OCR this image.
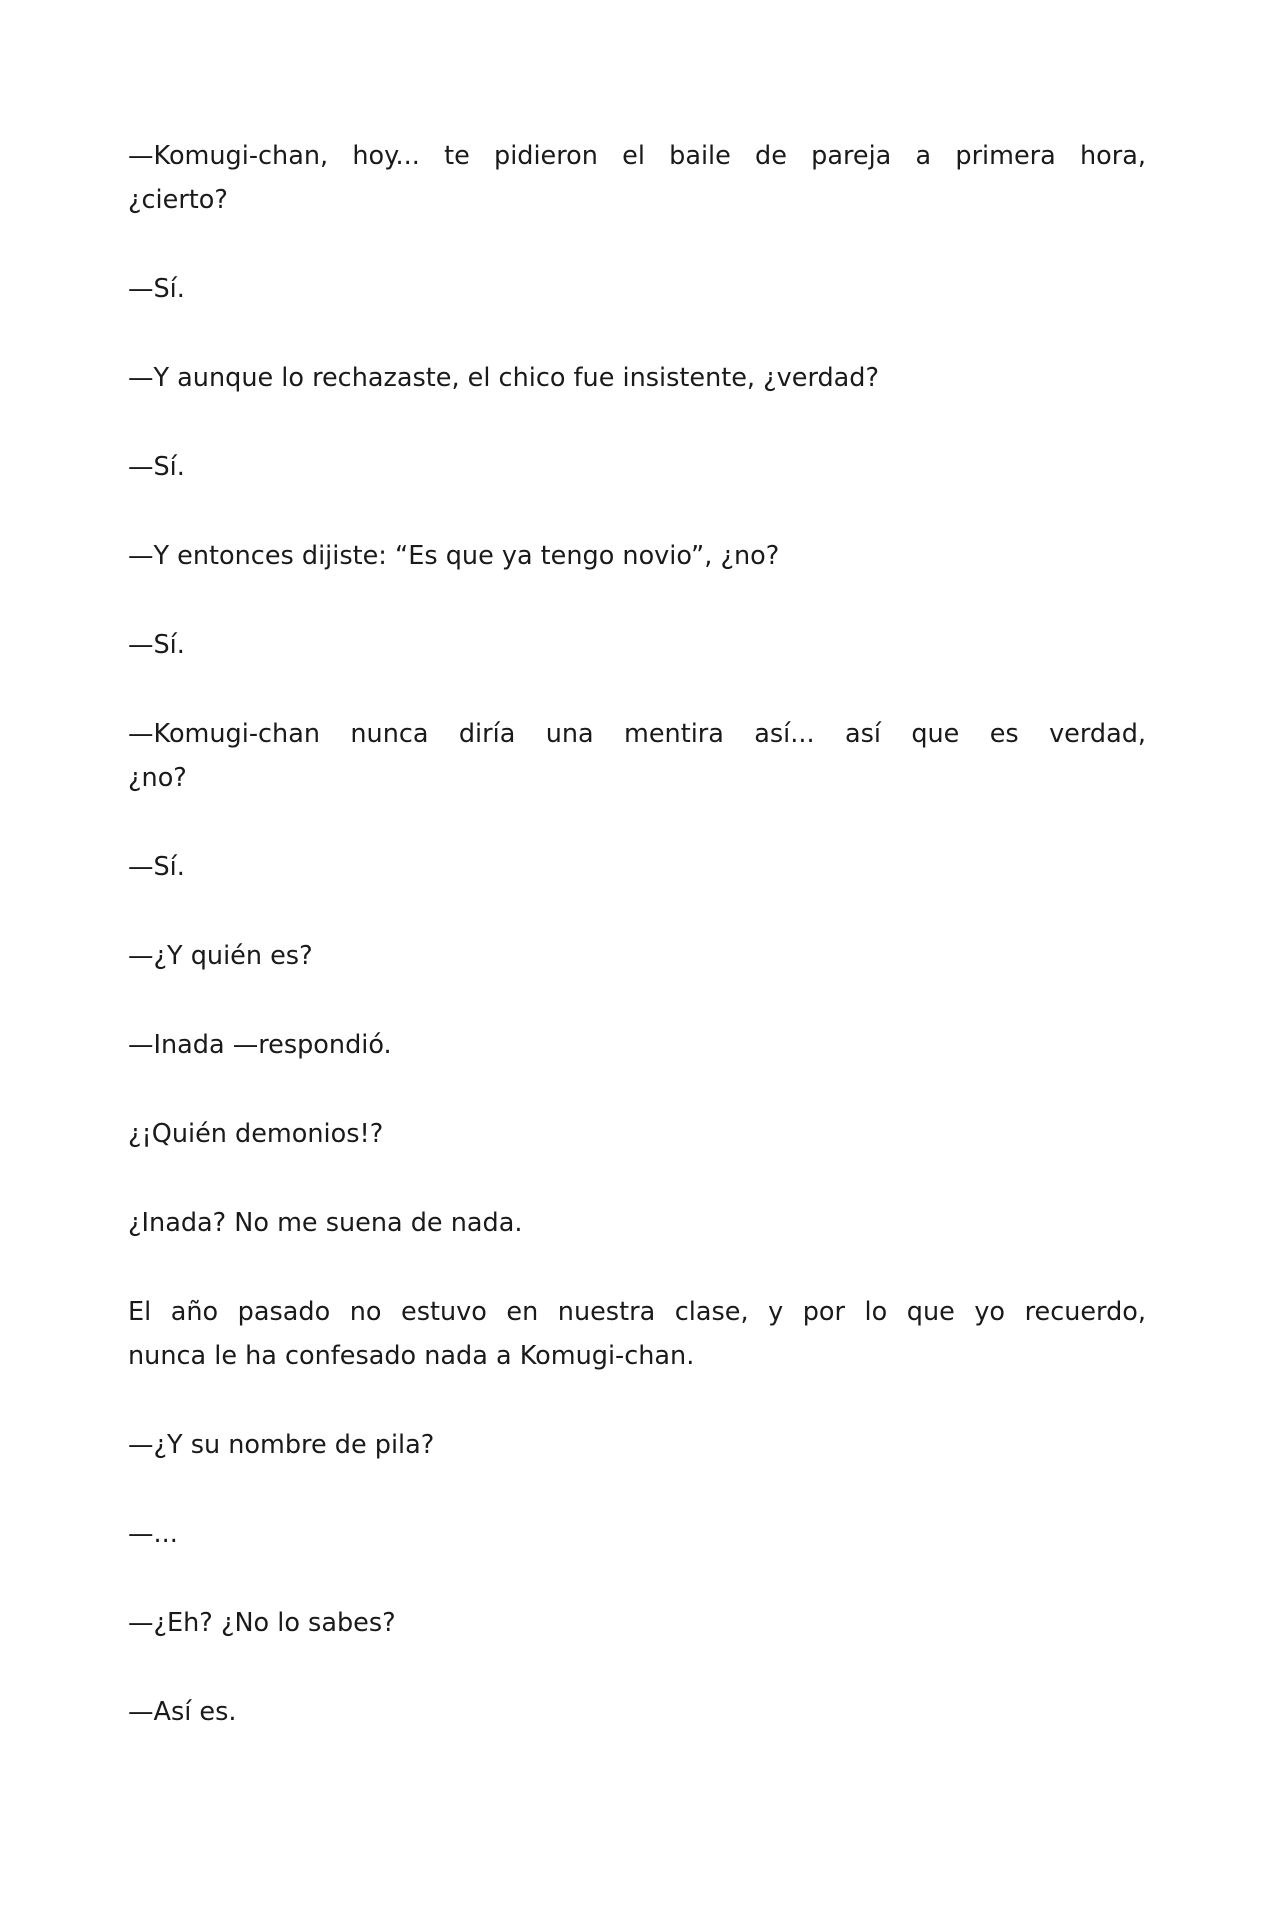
—Komugi-chan, hoy... te pidieron el baile de pareja a primera hora,
¿cierto?

—Sí.

—Y aunque lo rechazaste, el chico fue insistente, ¿verdad?

—Sí.

—Y entonces dijiste: “Es que ya tengo novio”, ¿no?

—Sí.

—Komugi-chan nunca diría una mentira así... así que es verdad,
¿no?

—Sí.

—¿Y quién es?

—Inada —respondió.

¿¡Quién demonios!?

¿Inada? No me suena de nada.

El año pasado no estuvo en nuestra clase, y por lo que yo recuerdo,
nunca le ha confesado nada a Komugi-chan.

—¿Y su nombre de pila?

—...

—¿Eh? ¿No lo sabes?

—Así es.
